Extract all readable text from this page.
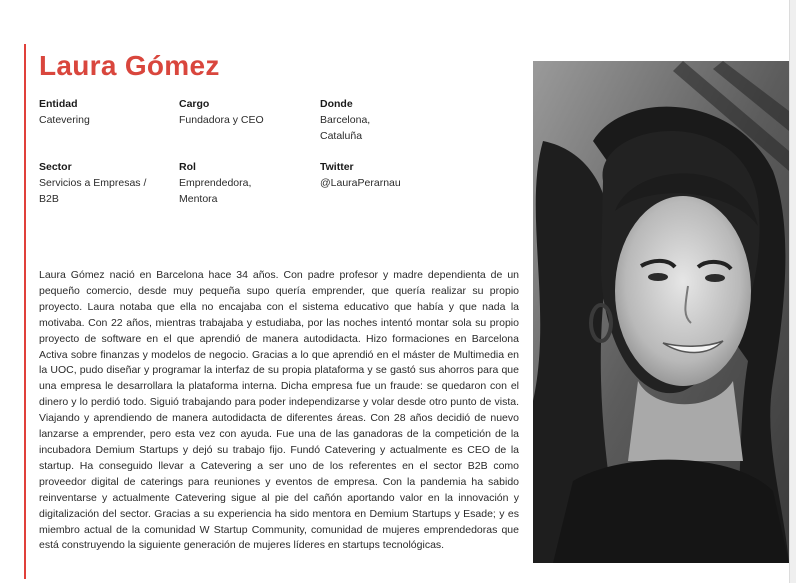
Laura Gómez
Entidad
Catevering
Cargo
Fundadora y CEO
Donde
Barcelona, Cataluña
Sector
Servicios a Empresas / B2B
Rol
Emprendedora, Mentora
Twitter
@LauraPerarnau

Laura Gómez nació en Barcelona hace 34 años. Con padre profesor y madre dependienta de un pequeño comercio, desde muy pequeña supo quería emprender, que quería realizar su propio proyecto. Laura notaba que ella no encajaba con el sistema educativo que había y que nada la motivaba. Con 22 años, mientras trabajaba y estudiaba, por las noches intentó montar sola su propio proyecto de software en el que aprendió de manera autodidacta. Hizo formaciones en Barcelona Activa sobre finanzas y modelos de negocio. Gracias a lo que aprendió en el máster de Multimedia en la UOC, pudo diseñar y programar la interfaz de su propia plataforma y se gastó sus ahorros para que una empresa le desarrollara la plataforma interna. Dicha empresa fue un fraude: se quedaron con el dinero y lo perdió todo. Siguió trabajando para poder independizarse y volar desde otro punto de vista. Viajando y aprendiendo de manera autodidacta de diferentes áreas. Con 28 años decidió de nuevo lanzarse a emprender, pero esta vez con ayuda. Fue una de las ganadoras de la competición de la incubadora Demium Startups y dejó su trabajo fijo. Fundó Catevering y actualmente es CEO de la startup. Ha conseguido llevar a Catevering a ser uno de los referentes en el sector B2B como proveedor digital de caterings para reuniones y eventos de empresa. Con la pandemia ha sabido reinventarse y actualmente Catevering sigue al pie del cañón aportando valor en la innovación y digitalización del sector. Gracias a su experiencia ha sido mentora en Demium Startups y Esade; y es miembro actual de la comunidad W Startup Community, comunidad de mujeres emprendedoras que está construyendo la siguiente generación de mujeres líderes en startups tecnológicas.
